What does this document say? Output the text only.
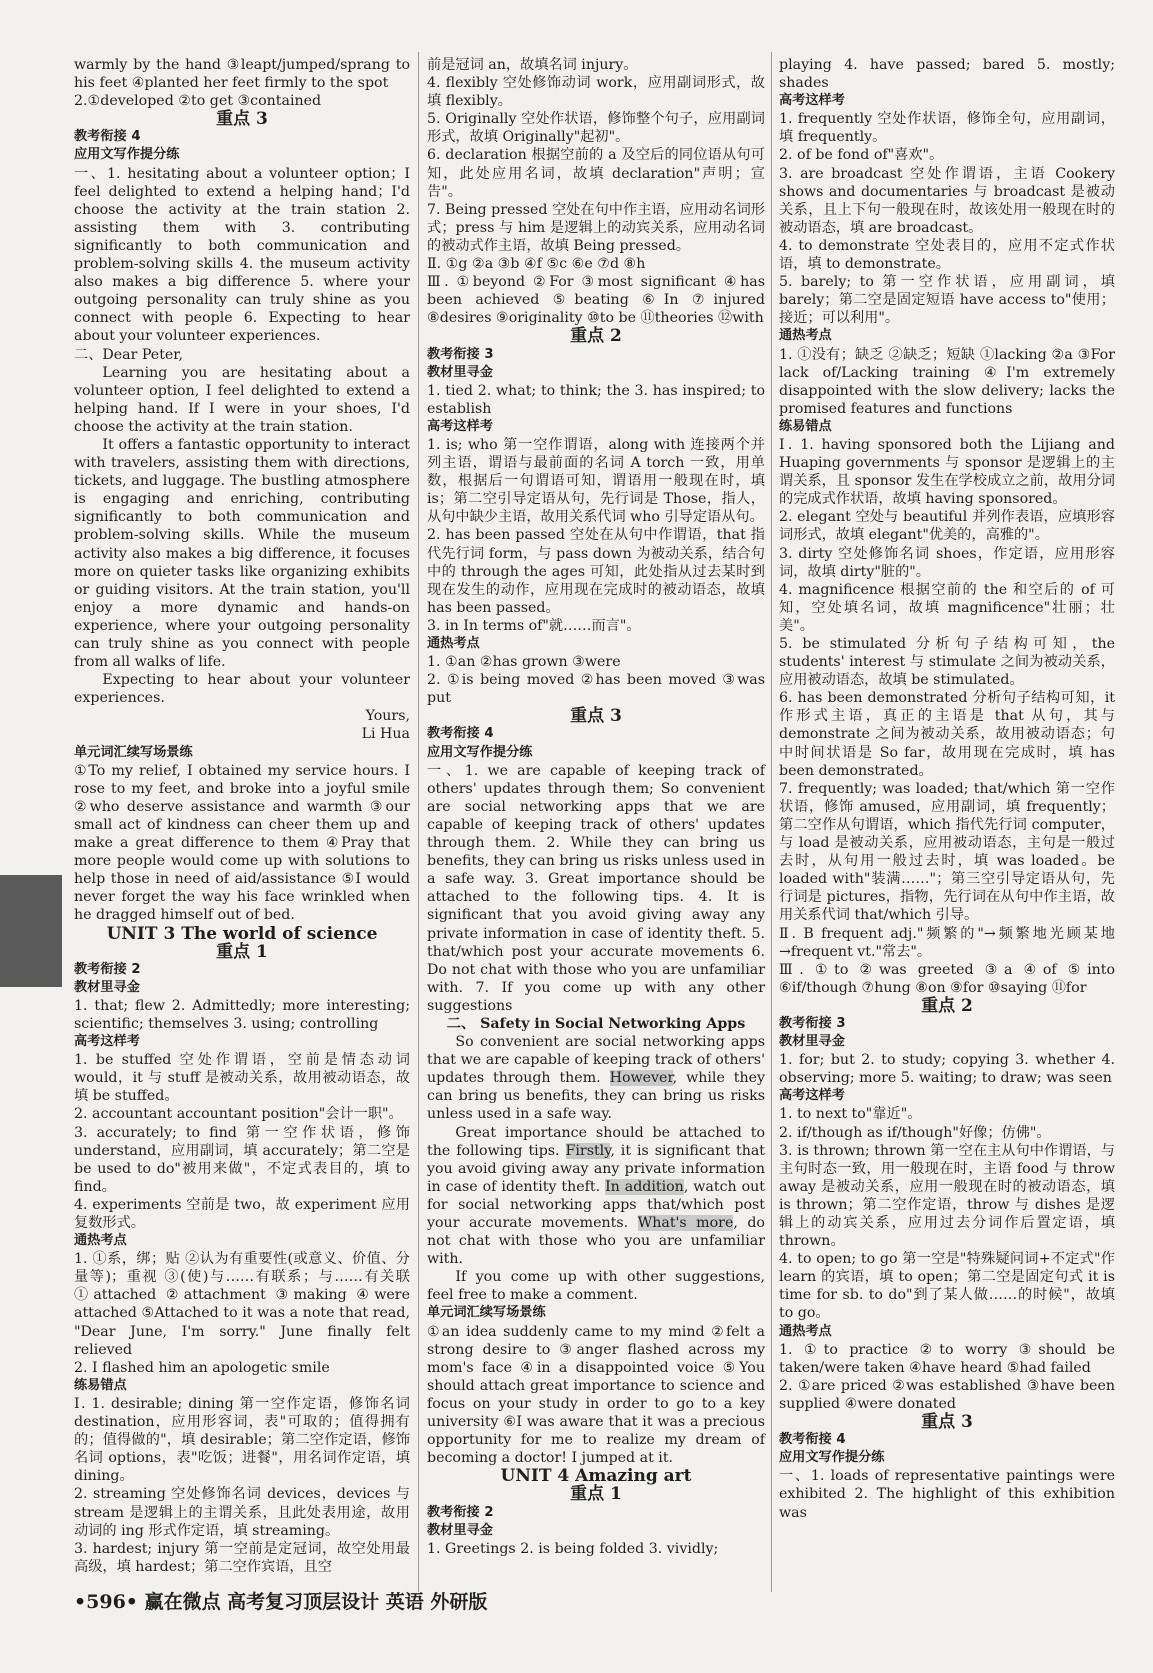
warmly by the hand ③leapt/jumped/sprang to his feet ④planted her feet firmly to the spot

2.①developed ②to get ③contained

重点 3

教考衔接 4

应用文写作提分练

一、1. hesitating about a volunteer option；I feel delighted to extend a helping hand；I'd choose the activity at the train station 2. assisting them with 3. contributing significantly to both communication and problem-solving skills 4. the museum activity also makes a big difference 5. where your outgoing personality can truly shine as you connect with people 6. Expecting to hear about your volunteer experiences.

二、Dear Peter,

Learning you are hesitating about a volunteer option, I feel delighted to extend a helping hand. If I were in your shoes, I'd choose the activity at the train station.

It offers a fantastic opportunity to interact with travelers, assisting them with directions, tickets, and luggage. The bustling atmosphere is engaging and enriching, contributing significantly to both communication and problem-solving skills. While the museum activity also makes a big difference, it focuses more on quieter tasks like organizing exhibits or guiding visitors. At the train station, you'll enjoy a more dynamic and hands-on experience, where your outgoing personality can truly shine as you connect with people from all walks of life.

Expecting to hear about your volunteer experiences.

Yours,

Li Hua

单元词汇续写场景练

①To my relief, I obtained my service hours. I rose to my feet, and broke into a joyful smile ②who deserve assistance and warmth ③our small act of kindness can cheer them up and make a great difference to them ④Pray that more people would come up with solutions to help those in need of aid/assistance ⑤I would never forget the way his face wrinkled when he dragged himself out of bed.

UNIT 3 The world of science

重点 1

教考衔接 2

教材里寻金

1. that; flew 2. Admittedly; more interesting; scientific; themselves 3. using; controlling

高考这样考

1. be stuffed 空处作谓语，空前是情态动词 would，it 与 stuff 是被动关系，故用被动语态，故填 be stuffed。

2. accountant accountant position"会计一职"。

3. accurately; to find 第一空作状语，修饰 understand，应用副词，填 accurately；第二空是 be used to do"被用来做"，不定式表目的，填 to find。

4. experiments 空前是 two，故 experiment 应用复数形式。

通热考点

1. ①系，绑；贴 ②认为有重要性(或意义、价值、分量等)；重视 ③(使)与……有联系；与……有关联 ①attached ②attachment ③making ④were attached ⑤Attached to it was a note that read, "Dear June, I'm sorry." June finally felt relieved

2. I flashed him an apologetic smile

练易错点

Ⅰ. 1. desirable; dining 第一空作定语，修饰名词 destination，应用形容词，表"可取的；值得拥有的；值得做的"，填 desirable；第二空作定语，修饰名词 options，表"吃饭；进餐"，用名词作定语，填 dining。

2. streaming 空处修饰名词 devices，devices 与 stream 是逻辑上的主谓关系，且此处表用途，故用动词的 ing 形式作定语，填 streaming。

3. hardest; injury 第一空前是定冠词，故空处用最高级，填 hardest；第二空作宾语，且空

前是冠词 an，故填名词 injury。

4. flexibly 空处修饰动词 work，应用副词形式，故填 flexibly。

5. Originally 空处作状语，修饰整个句子，应用副词形式，故填 Originally"起初"。

6. declaration 根据空前的 a 及空后的同位语从句可知，此处应用名词，故填 declaration"声明；宣告"。

7. Being pressed 空处在句中作主语，应用动名词形式；press 与 him 是逻辑上的动宾关系，应用动名词的被动式作主语，故填 Being pressed。

Ⅱ. ①g ②a ③b ④f ⑤c ⑥e ⑦d ⑧h

Ⅲ. ①beyond ②For ③most significant ④has been achieved ⑤beating ⑥In ⑦injured ⑧desires ⑨originality ⑩to be ⑪theories ⑫with

重点 2

教考衔接 3

教材里寻金

1. tied 2. what; to think; the 3. has inspired; to establish

高考这样考

1. is; who 第一空作谓语，along with 连接两个并列主语，谓语与最前面的名词 A torch 一致，用单数，根据后一句谓语可知，谓语用一般现在时，填 is；第二空引导定语从句，先行词是 Those，指人，从句中缺少主语，故用关系代词 who 引导定语从句。

2. has been passed 空处在从句中作谓语，that 指代先行词 form，与 pass down 为被动关系，结合句中的 through the ages 可知，此处指从过去某时到现在发生的动作，应用现在完成时的被动语态，故填 has been passed。

3. in In terms of"就……而言"。

通热考点

1. ①an ②has grown ③were

2. ①is being moved ②has been moved ③was put

重点 3

教考衔接 4

应用文写作提分练

一、1. we are capable of keeping track of others' updates through them; So convenient are social networking apps that we are capable of keeping track of others' updates through them. 2. While they can bring us benefits, they can bring us risks unless used in a safe way. 3. Great importance should be attached to the following tips. 4. It is significant that you avoid giving away any private information in case of identity theft. 5. that/which post your accurate movements 6. Do not chat with those who you are unfamiliar with. 7. If you come up with any other suggestions

二、 Safety in Social Networking Apps

So convenient are social networking apps that we are capable of keeping track of others' updates through them. However, while they can bring us benefits, they can bring us risks unless used in a safe way.

Great importance should be attached to the following tips. Firstly, it is significant that you avoid giving away any private information in case of identity theft. In addition, watch out for social networking apps that/which post your accurate movements. What's more, do not chat with those who you are unfamiliar with.

If you come up with other suggestions, feel free to make a comment.

单元词汇续写场景练

①an idea suddenly came to my mind ②felt a strong desire to ③anger flashed across my mom's face ④in a disappointed voice ⑤You should attach great importance to science and focus on your study in order to go to a key university ⑥I was aware that it was a precious opportunity for me to realize my dream of becoming a doctor! I jumped at it.

UNIT 4 Amazing art

重点 1

教考衔接 2

教材里寻金

1. Greetings 2. is being folded 3. vividly;

playing 4. have passed; bared 5. mostly; shades

高考这样考

1. frequently 空处作状语，修饰全句，应用副词，填 frequently。

2. of be fond of"喜欢"。

3. are broadcast 空处作谓语，主语 Cookery shows and documentaries 与 broadcast 是被动关系，且上下句一般现在时，故该处用一般现在时的被动语态，填 are broadcast。

4. to demonstrate 空处表目的，应用不定式作状语，填 to demonstrate。

5. barely; to 第一空作状语，应用副词，填 barely；第二空是固定短语 have access to"使用；接近；可以利用"。

通热考点

1. ①没有；缺乏 ②缺乏；短缺 ①lacking ②a ③For lack of/Lacking training ④I'm extremely disappointed with the slow delivery; lacks the promised features and functions

练易错点

Ⅰ. 1. having sponsored both the Lijiang and Huaping governments 与 sponsor 是逻辑上的主谓关系，且 sponsor 发生在学校成立之前，故用分词的完成式作状语，故填 having sponsored。

2. elegant 空处与 beautiful 并列作表语，应填形容词形式，故填 elegant"优美的，高雅的"。

3. dirty 空处修饰名词 shoes，作定语，应用形容词，故填 dirty"脏的"。

4. magnificence 根据空前的 the 和空后的 of 可知，空处填名词，故填 magnificence"壮丽；壮美"。

5. be stimulated 分析句子结构可知，the students' interest 与 stimulate 之间为被动关系，应用被动语态，故填 be stimulated。

6. has been demonstrated 分析句子结构可知，it 作形式主语，真正的主语是 that 从句，其与 demonstrate 之间为被动关系，故用被动语态；句中时间状语是 So far，故用现在完成时，填 has been demonstrated。

7. frequently; was loaded; that/which 第一空作状语，修饰 amused，应用副词，填 frequently；第二空作从句谓语，which 指代先行词 computer，与 load 是被动关系，应用被动语态，主句是一般过去时，从句用一般过去时，填 was loaded。be loaded with"装满……"；第三空引导定语从句，先行词是 pictures，指物，先行词在从句中作主语，故用关系代词 that/which 引导。

Ⅱ. B frequent adj."频繁的"→频繁地光顾某地→frequent vt."常去"。

Ⅲ. ①to ②was greeted ③a ④of ⑤into ⑥if/though ⑦hung ⑧on ⑨for ⑩saying ⑪for

重点 2

教考衔接 3

教材里寻金

1. for; but 2. to study; copying 3. whether 4. observing; more 5. waiting; to draw; was seen

高考这样考

1. to next to"靠近"。

2. if/though as if/though"好像；仿佛"。

3. is thrown; thrown 第一空在主从句中作谓语，与主句时态一致，用一般现在时，主语 food 与 throw away 是被动关系，应用一般现在时的被动语态，填 is thrown；第二空作定语，throw 与 dishes 是逻辑上的动宾关系，应用过去分词作后置定语，填 thrown。

4. to open; to go 第一空是"特殊疑问词+不定式"作 learn 的宾语，填 to open；第二空是固定句式 it is time for sb. to do"到了某人做……的时候"，故填 to go。

通热考点

1. ①to practice ②to worry ③should be taken/were taken ④have heard ⑤had failed

2. ①are priced ②was established ③have been supplied ④were donated

重点 3

教考衔接 4

应用文写作提分练

一、1. loads of representative paintings were exhibited 2. The highlight of this exhibition was

•596• 赢在微点 高考复习顶层设计 英语 外研版
